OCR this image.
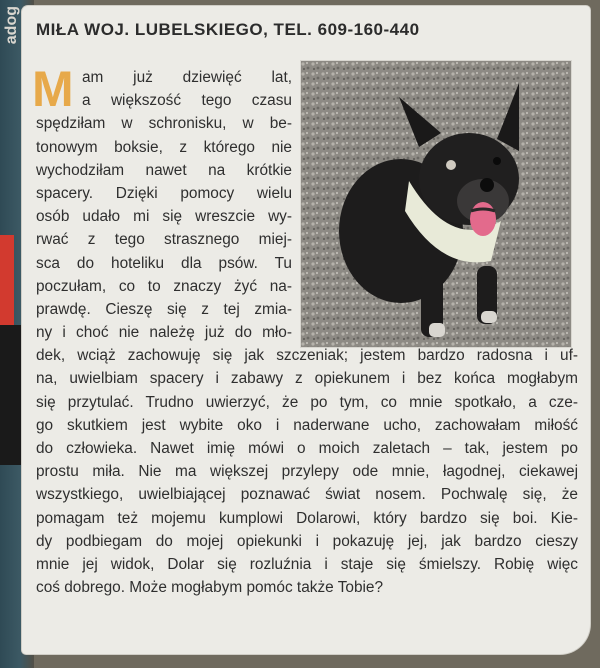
adog MIŁA WOJ. LUBELSKIEGO, TEL. 609-160-440
M am już dziewięć lat,
a większość tego czasu
spędziłam w schronisku, w be-
tonowym boksie, z którego nie
wychodziłam nawet na krótkie
spacery. Dzięki pomocy wielu
osób udało mi się wreszcie wy-
rwać z tego strasznego miej-
sca do hoteliku dla psów. Tu
poczułam, co to znaczy żyć na-
prawdę. Cieszę się z tej zmia-
ny i choć nie należę już do mło-
dek, wciąż zachowuję się jak szczeniak; jestem bardzo radosna i uf-
na, uwielbiam spacery i zabawy z opiekunem i bez końca mogłabym
się przytulać. Trudno uwierzyć, że po tym, co mnie spotkało, a cze-
go skutkiem jest wybite oko i naderwane ucho, zachowałam miłość
do człowieka. Nawet imię mówi o moich zaletach – tak, jestem po
prostu miła. Nie ma większej przylepy ode mnie, łagodnej, ciekawej
wszystkiego, uwielbiającej poznawać świat nosem. Pochwalę się, że
pomagam też mojemu kumplowi Dolarowi, który bardzo się boi. Kie-
dy podbiegam do mojej opiekunki i pokazuję jej, jak bardzo cieszy
mnie jej widok, Dolar się rozluźnia i staje się śmielszy. Robię więc
coś dobrego. Może mogłabym pomóc także Tobie?
